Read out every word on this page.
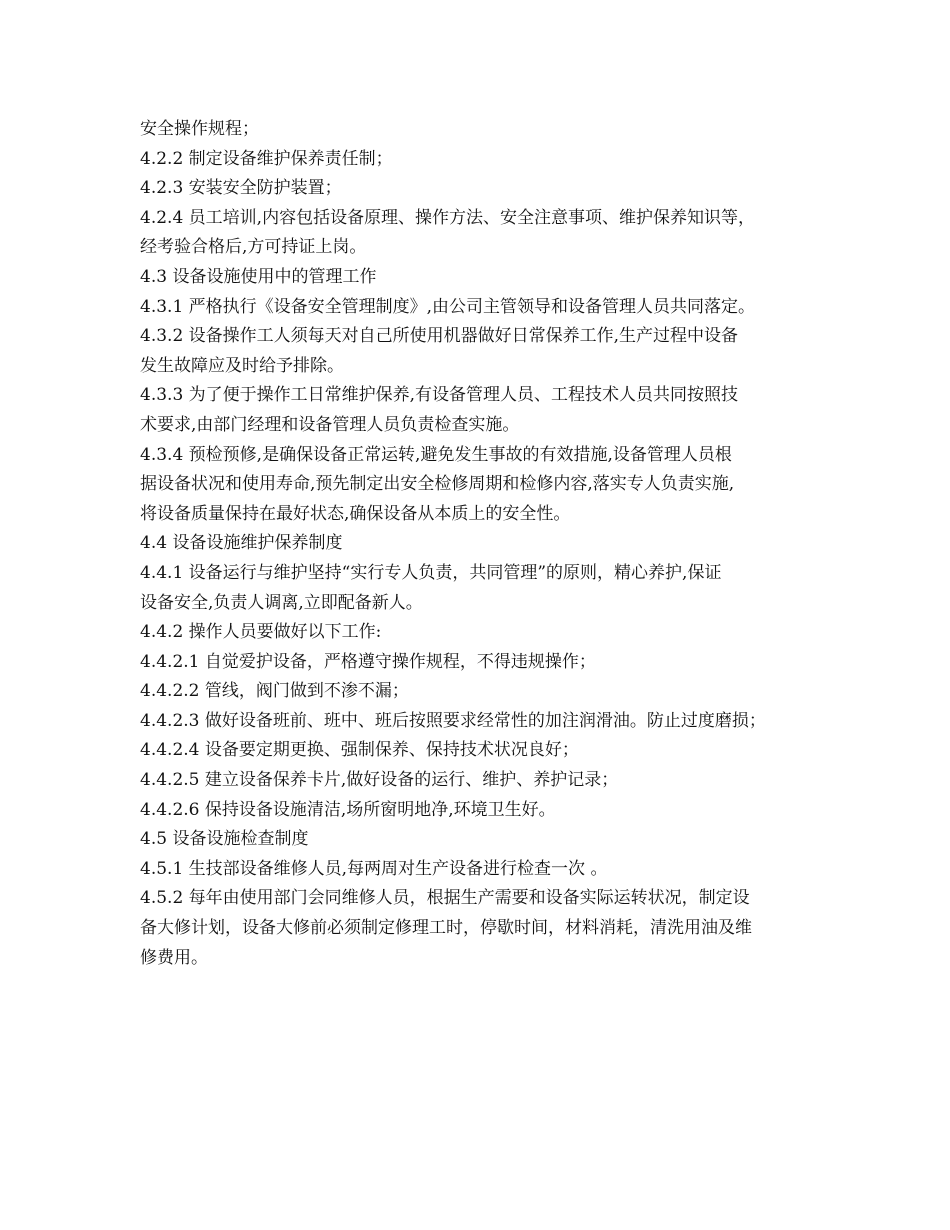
安全操作规程；
4.2.2 制定设备维护保养责任制；
4.2.3 安装安全防护装置；
4.2.4 员工培训,内容包括设备原理、操作方法、安全注意事项、维护保养知识等，
经考验合格后,方可持证上岗。
4.3 设备设施使用中的管理工作
4.3.1 严格执行《设备安全管理制度》,由公司主管领导和设备管理人员共同落定。
4.3.2 设备操作工人须每天对自己所使用机器做好日常保养工作,生产过程中设备
发生故障应及时给予排除。
4.3.3 为了便于操作工日常维护保养,有设备管理人员、工程技术人员共同按照技
术要求,由部门经理和设备管理人员负责检查实施。
4.3.4 预检预修,是确保设备正常运转,避免发生事故的有效措施,设备管理人员根
据设备状况和使用寿命,预先制定出安全检修周期和检修内容,落实专人负责实施,
将设备质量保持在最好状态,确保设备从本质上的安全性。
4.4 设备设施维护保养制度
4.4.1 设备运行与维护坚持“实行专人负责，共同管理”的原则，精心养护,保证
设备安全,负责人调离,立即配备新人。
4.4.2 操作人员要做好以下工作:
4.4.2.1 自觉爱护设备，严格遵守操作规程，不得违规操作；
4.4.2.2 管线，阀门做到不渗不漏；
4.4.2.3 做好设备班前、班中、班后按照要求经常性的加注润滑油。防止过度磨损；
4.4.2.4 设备要定期更换、强制保养、保持技术状况良好；
4.4.2.5 建立设备保养卡片,做好设备的运行、维护、养护记录；
4.4.2.6 保持设备设施清洁,场所窗明地净,环境卫生好。
4.5 设备设施检查制度
4.5.1 生技部设备维修人员,每两周对生产设备进行检查一次 。
4.5.2 每年由使用部门会同维修人员，根据生产需要和设备实际运转状况，制定设
备大修计划，设备大修前必须制定修理工时，停歇时间，材料消耗，清洗用油及维
修费用。
